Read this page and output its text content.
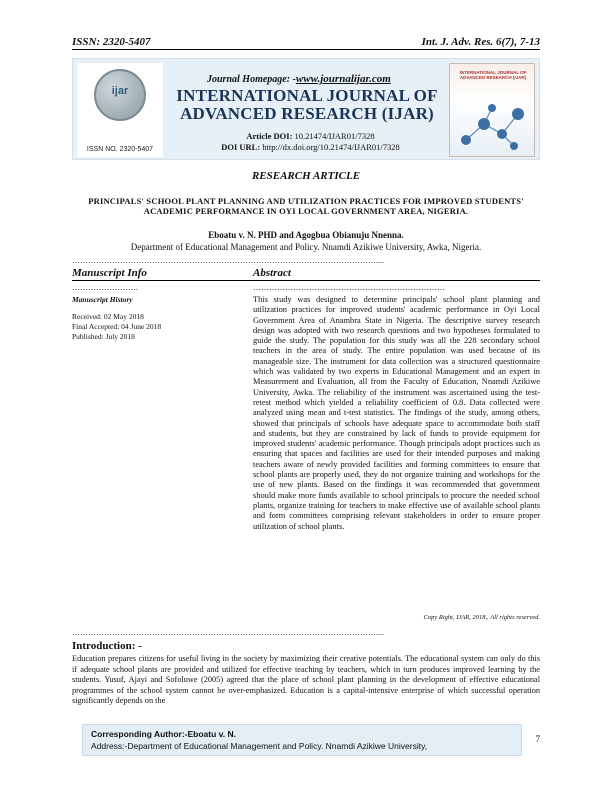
ISSN: 2320-5407	Int. J. Adv. Res. 6(7), 7-13
ijar
ISSN NO. 2320-5407
Journal Homepage: -www.journalijar.com
INTERNATIONAL JOURNAL OF ADVANCED RESEARCH (IJAR)
Article DOI: 10.21474/IJAR01/7328
DOI URL: http://dx.doi.org/10.21474/IJAR01/7328
INTERNATIONAL JOURNAL OF ADVANCED RESEARCH (IJAR)
RESEARCH ARTICLE
PRINCIPALS' SCHOOL PLANT PLANNING AND UTILIZATION PRACTICES FOR IMPROVED STUDENTS' ACADEMIC PERFORMANCE IN OYI LOCAL GOVERNMENT AREA, NIGERIA.
Eboatu v. N. PHD and Agogbua Obianuju Nnenna.
Department of Educational Management and Policy. Nnamdi Azikiwe University, Awka, Nigeria.
……………………………………………………………………………………………………....
Manuscript Info	Abstract
…………………….
Manuscript History
Received: 02 May 2018
Final Accepted: 04 June 2018
Published: July 2018
………………………………………………………………
This study was designed to determine principals' school plant planning and utilization practices for improved students' academic performance in Oyi Local Government Area of Anambra State in Nigeria. The descriptive survey research design was adopted with two research questions and two hypotheses formulated to guide the study. The population for this study was all the 228 secondary school teachers in the area of study. The entire population was used because of its manageable size. The instrument for data collection was a structured questionnaire which was validated by two experts in Educational Management and an expert in Measurement and Evaluation, all from the Faculty of Education, Nnamdi Azikiwe University, Awka. The reliability of the instrument was ascertained using the test-retest method which yielded a reliability coefficient of 0.8. Data collected were analyzed using mean and t-test statistics. The findings of the study, among others, showed that principals of schools have adequate space to accommodate both staff and students, but they are constrained by lack of funds to provide equipment for improved students' academic performance. Though principals adopt practices such as ensuring that spaces and facilities are used for their intended purposes and making teachers aware of newly provided facilities and forming committees to ensure that school plants are properly used, they do not organize training and workshops for the use of new plants. Based on the findings it was recommended that government should make more funds available to school principals to procure the needed school plants, organize training for teachers to make effective use of available school plants and form committees comprising relevant stakeholders in order to ensure proper utilization of school plants.
Copy Right, IJAR, 2018,. All rights reserved.
……………………………………………………………………………………………………....
Introduction: -
Education prepares citizens for useful living in the society by maximizing their creative potentials. The educational system can only do this if adequate school plants are provided and utilized for effective teaching by teachers, which in turn produces improved learning by the students. Yusuf, Ajayi and Sofoluwe (2005) agreed that the place of school plant planning in the development of effective educational programmes of the school system cannot be over-emphasized. Education is a capital-intensive enterprise of which successful operation significantly depends on the
Corresponding Author:-Eboatu v. N.
Address:-Department of Educational Management and Policy. Nnamdi Azikiwe University,
7
